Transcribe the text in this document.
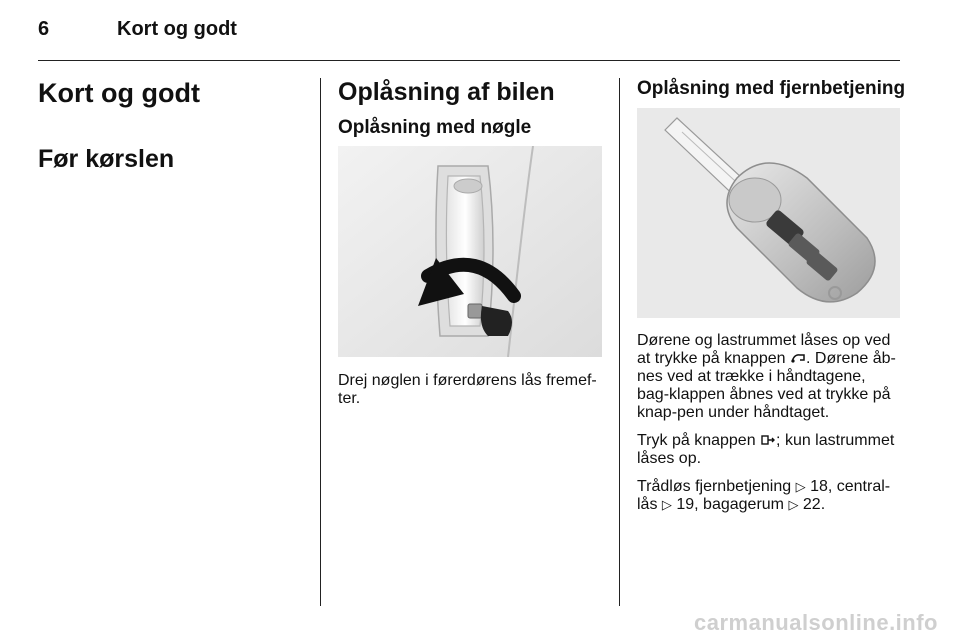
6	Kort og godt
Kort og godt
Før kørslen
Oplåsning af bilen
Oplåsning med nøgle

Drej nøglen i førerdørens lås fremef-ter.

Oplåsning med fjernbetjening

Dørene og lastrummet låses op ved at trykke på knappen . Dørene åb-nes ved at trække i håndtagene, bag-klappen åbnes ved at trykke på knap-pen under håndtaget.

Tryk på knappen ; kun lastrummet låses op.

Trådløs fjernbetjening ▷ 18, central-lås ▷ 19, bagagerum ▷ 22.

carmanualsonline.info
